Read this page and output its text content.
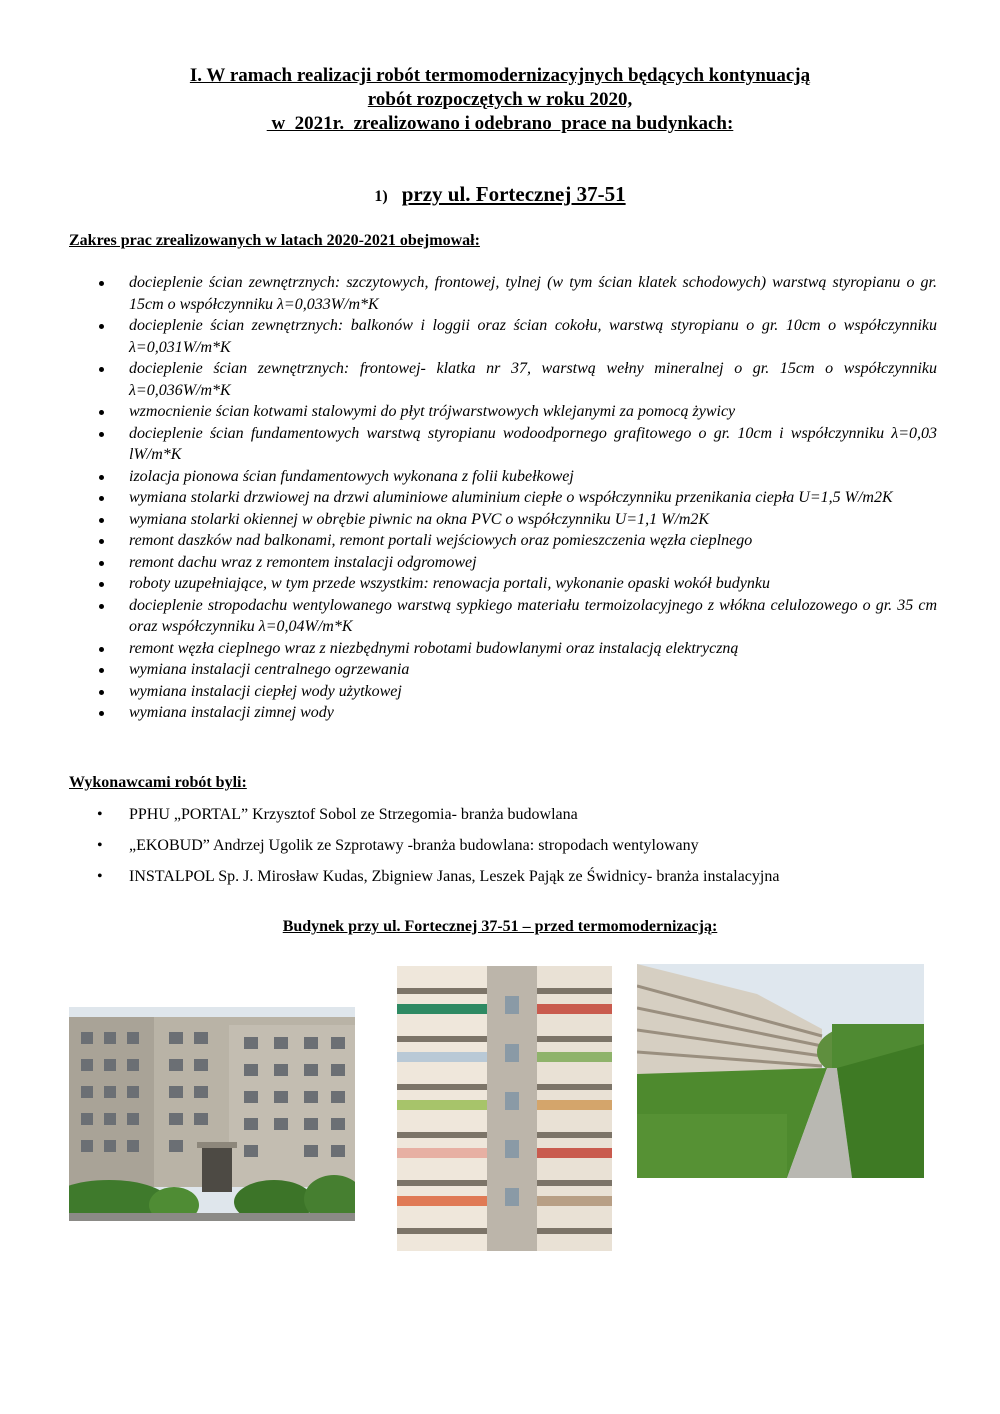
I. W ramach realizacji robót termomodernizacyjnych będących kontynuacją
robót rozpoczętych w roku 2020,
w  2021r.  zrealizowano i odebrano  prace na budynkach:
1) przy ul. Fortecznej 37-51
Zakres prac zrealizowanych w latach 2020-2021 obejmował:
docieplenie ścian zewnętrznych: szczytowych, frontowej, tylnej (w tym ścian klatek schodowych) warstwą styropianu o gr. 15cm o współczynniku λ=0,033W/m*K
docieplenie ścian zewnętrznych: balkonów i loggii oraz ścian cokołu, warstwą styropianu o gr. 10cm o współczynniku λ=0,031W/m*K
docieplenie ścian zewnętrznych: frontowej- klatka nr 37, warstwą wełny mineralnej o gr. 15cm o współczynniku λ=0,036W/m*K
wzmocnienie ścian kotwami stalowymi do płyt trójwarstwowych wklejanymi za pomocą żywicy
docieplenie ścian fundamentowych warstwą styropianu wodoodpornego grafitowego o gr. 10cm i współczynniku λ=0,03 lW/m*K
izolacja pionowa ścian fundamentowych wykonana z folii kubełkowej
wymiana stolarki drzwiowej na drzwi aluminiowe aluminium ciepłe o współczynniku przenikania ciepła U=1,5 W/m2K
wymiana stolarki okiennej w obrębie piwnic na okna PVC o współczynniku U=1,1 W/m2K
remont daszków nad balkonami, remont portali wejściowych oraz pomieszczenia węzła cieplnego
remont dachu wraz z remontem instalacji odgromowej
roboty uzupełniające, w tym przede wszystkim: renowacja portali, wykonanie opaski wokół budynku
docieplenie stropodachu wentylowanego warstwą sypkiego materiału termoizolacyjnego z włókna celulozowego o gr. 35 cm oraz współczynniku λ=0,04W/m*K
remont węzła cieplnego wraz z niezbędnymi robotami budowlanymi oraz instalacją elektryczną
wymiana instalacji centralnego ogrzewania
wymiana instalacji ciepłej wody użytkowej
wymiana instalacji zimnej wody
Wykonawcami robót byli:
• PPHU „PORTAL” Krzysztof Sobol ze Strzegomia- branża budowlana
• „EKOBUD” Andrzej Ugolik ze Szprotawy -branża budowlana: stropodach wentylowany
• INSTALPOL Sp. J. Mirosław Kudas, Zbigniew Janas, Leszek Pająk ze Świdnicy- branża instalacyjna
Budynek przy ul. Fortecznej 37-51 – przed termomodernizacją:
